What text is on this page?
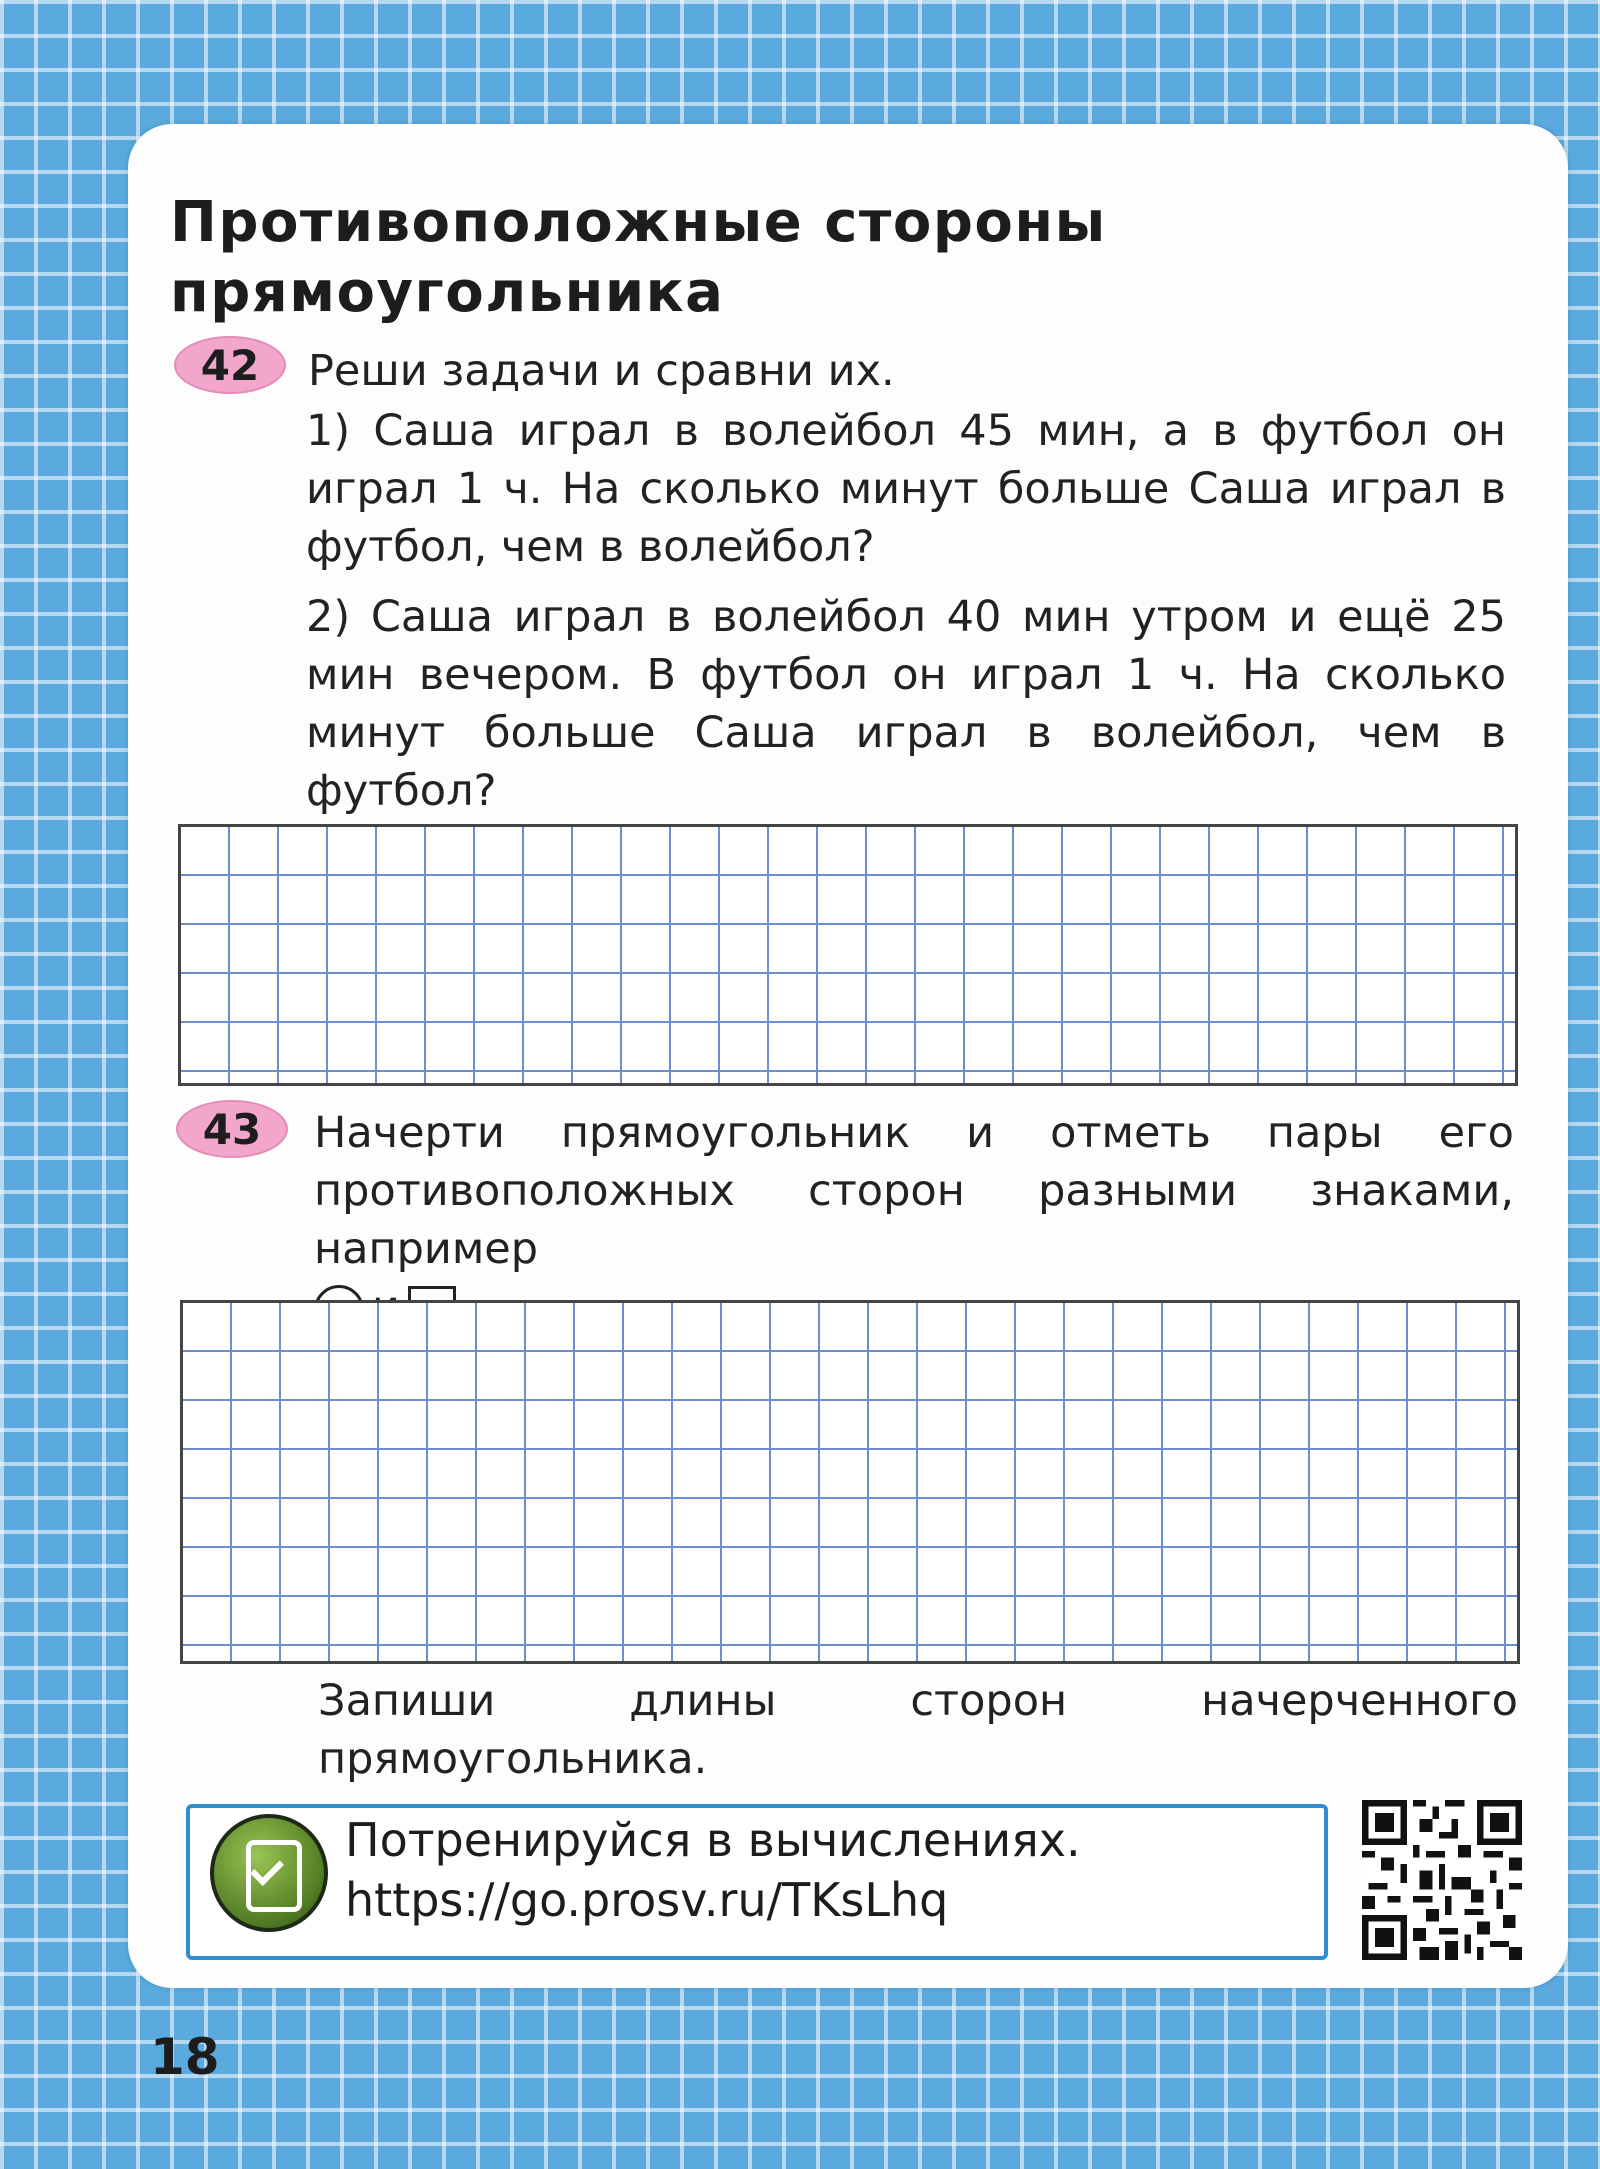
Противоположные стороны
прямоугольника
42	Реши задачи и сравни их.
1) Саша играл в волейбол 45 мин, а в футбол он играл 1 ч. На сколько минут больше Саша играл в футбол, чем в волейбол?
2) Саша играл в волейбол 40 мин утром и ещё 25 мин вечером. В футбол он играл 1 ч. На сколько минут больше Саша играл в волейбол, чем в футбол?
43	Начерти прямоугольник и отметь пары его противоположных сторон разными знаками, например

Запиши длины сторон начерченного прямоугольника.
Потренируйся в вычислениях.
https://go.prosv.ru/TKsLhq

18
